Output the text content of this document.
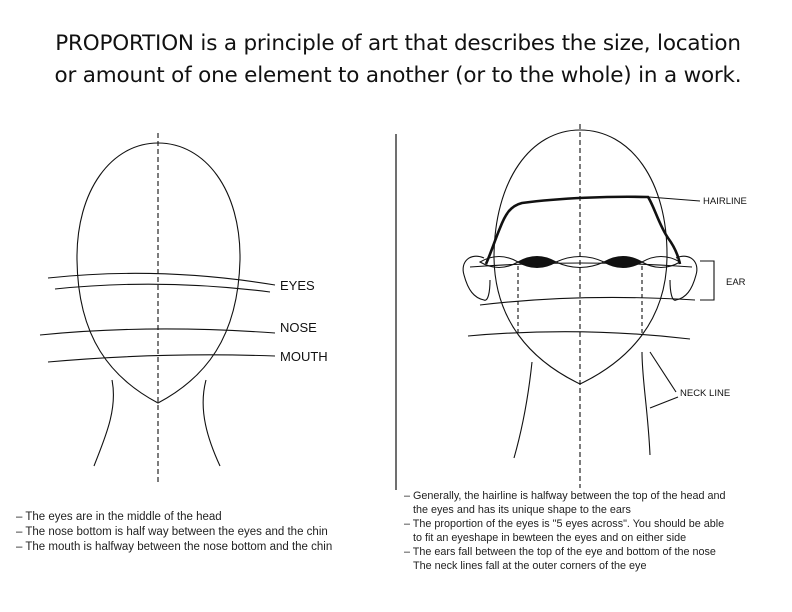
PROPORTION is a principle of art that describes the size, location
or amount of one element to another (or to the whole) in a work.
EYES
NOSE
MOUTH
HAIRLINE
EAR
NECK LINE
– The eyes are in the middle of the head
– The nose bottom is half way between the eyes and the chin
– The mouth is halfway between the nose bottom and the chin
– Generally, the hairline is halfway between the top of the head and
the eyes and has its unique shape to the ears
– The proportion of the eyes is "5 eyes across". You should be able
to fit an eyeshape in bewteen the eyes and on either side
– The ears fall between the top of the eye and bottom of the nose
The neck lines fall at the outer corners of the eye
